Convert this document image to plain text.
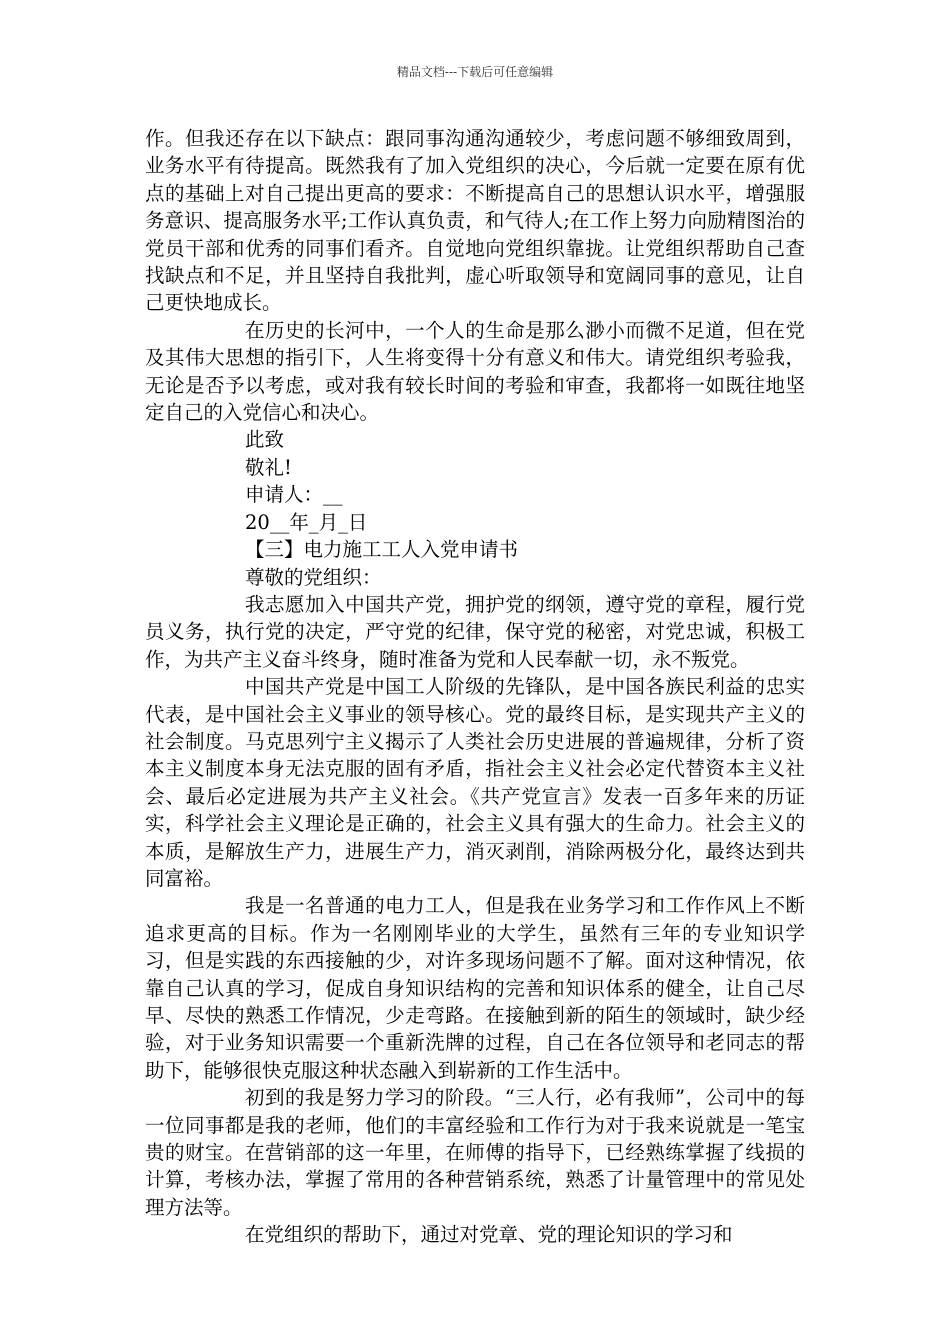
精品文档---下载后可任意编辑

作。但我还存在以下缺点：跟同事沟通沟通较少，考虑问题不够细致周到，业务水平有待提高。既然我有了加入党组织的决心，今后就一定要在原有优点的基础上对自己提出更高的要求：不断提高自己的思想认识水平，增强服务意识、提高服务水平;工作认真负责，和气待人;在工作上努力向励精图治的党员干部和优秀的同事们看齐。自觉地向党组织靠拢。让党组织帮助自己查找缺点和不足，并且坚持自我批判，虚心听取领导和宽阔同事的意见，让自己更快地成长。

在历史的长河中，一个人的生命是那么渺小而微不足道，但在党及其伟大思想的指引下，人生将变得十分有意义和伟大。请党组织考验我，无论是否予以考虑，或对我有较长时间的考验和审查，我都将一如既往地坚定自己的入党信心和决心。

此致

敬礼!

申请人：__

20__年_月_日

【三】电力施工工人入党申请书

尊敬的党组织：

我志愿加入中国共产党，拥护党的纲领，遵守党的章程，履行党员义务，执行党的决定，严守党的纪律，保守党的秘密，对党忠诚，积极工作，为共产主义奋斗终身，随时准备为党和人民奉献一切，永不叛党。

中国共产党是中国工人阶级的先锋队，是中国各族民利益的忠实代表，是中国社会主义事业的领导核心。党的最终目标，是实现共产主义的社会制度。马克思列宁主义揭示了人类社会历史进展的普遍规律，分析了资本主义制度本身无法克服的固有矛盾，指社会主义社会必定代替资本主义社会、最后必定进展为共产主义社会。《共产党宣言》发表一百多年来的历证实，科学社会主义理论是正确的，社会主义具有强大的生命力。社会主义的本质，是解放生产力，进展生产力，消灭剥削，消除两极分化，最终达到共同富裕。

我是一名普通的电力工人，但是我在业务学习和工作作风上不断追求更高的目标。作为一名刚刚毕业的大学生，虽然有三年的专业知识学习，但是实践的东西接触的少，对许多现场问题不了解。面对这种情况，依靠自己认真的学习，促成自身知识结构的完善和知识体系的健全，让自己尽早、尽快的熟悉工作情况，少走弯路。在接触到新的陌生的领域时，缺少经验，对于业务知识需要一个重新洗牌的过程，自己在各位领导和老同志的帮助下，能够很快克服这种状态融入到崭新的工作生活中。

初到的我是努力学习的阶段。“三人行，必有我师”，公司中的每一位同事都是我的老师，他们的丰富经验和工作行为对于我来说就是一笔宝贵的财宝。在营销部的这一年里，在师傅的指导下，已经熟练掌握了线损的计算，考核办法，掌握了常用的各种营销系统，熟悉了计量管理中的常见处理方法等。

在党组织的帮助下，通过对党章、党的理论知识的学习和
